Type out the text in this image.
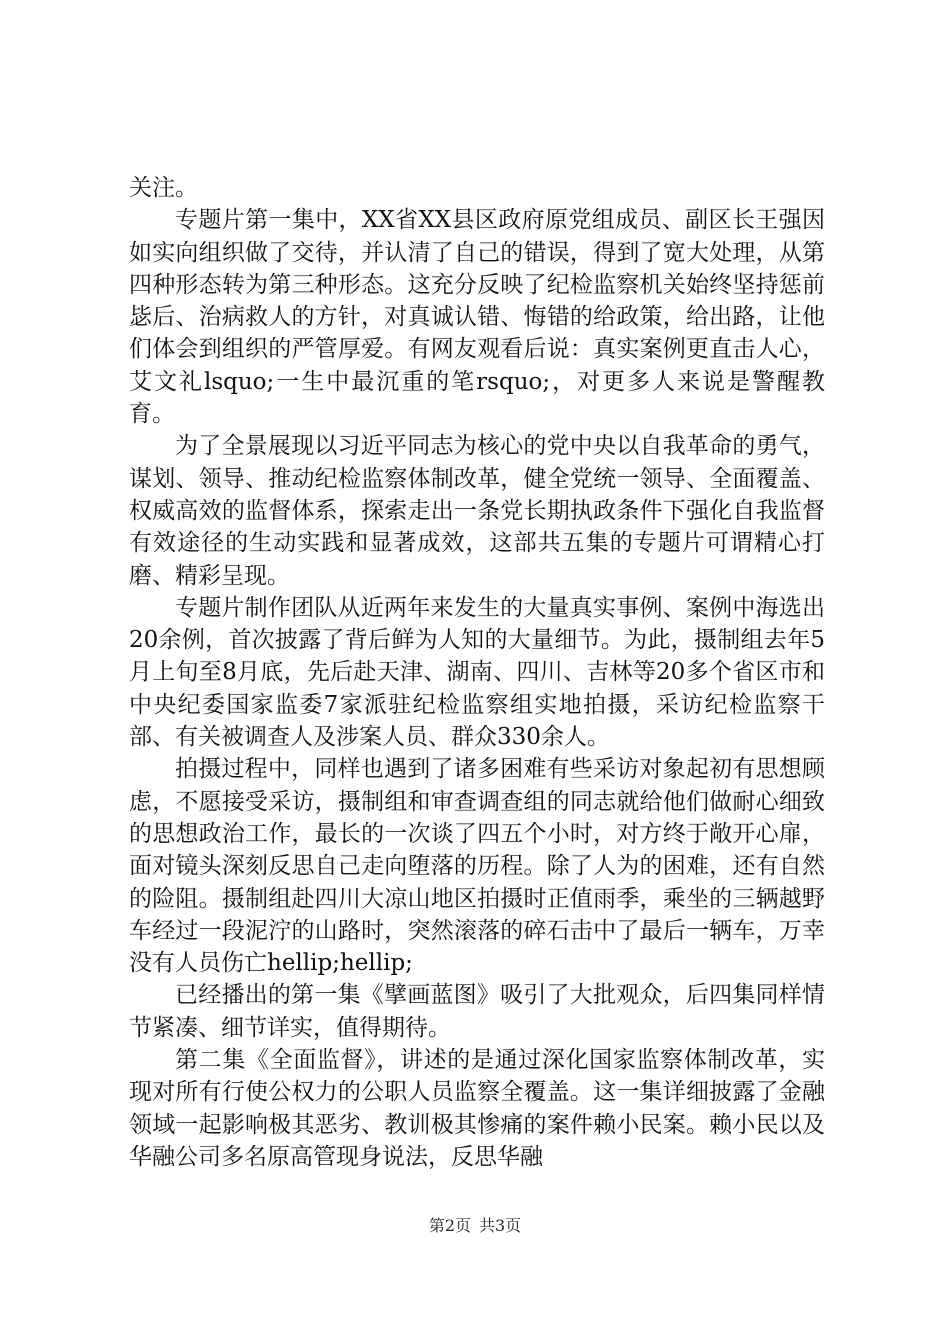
关注。

专题片第一集中，XX省XX县区政府原党组成员、副区长王强因如实向组织做了交待，并认清了自己的错误，得到了宽大处理，从第四种形态转为第三种形态。这充分反映了纪检监察机关始终坚持惩前毖后、治病救人的方针，对真诚认错、悔错的给政策，给出路，让他们体会到组织的严管厚爱。有网友观看后说：真实案例更直击人心，艾文礼lsquo;一生中最沉重的笔rsquo;，对更多人来说是警醒教育。

为了全景展现以习近平同志为核心的党中央以自我革命的勇气，谋划、领导、推动纪检监察体制改革，健全党统一领导、全面覆盖、权威高效的监督体系，探索走出一条党长期执政条件下强化自我监督有效途径的生动实践和显著成效，这部共五集的专题片可谓精心打磨、精彩呈现。

专题片制作团队从近两年来发生的大量真实事例、案例中海选出20余例，首次披露了背后鲜为人知的大量细节。为此，摄制组去年5月上旬至8月底，先后赴天津、湖南、四川、吉林等20多个省区市和中央纪委国家监委7家派驻纪检监察组实地拍摄，采访纪检监察干部、有关被调查人及涉案人员、群众330余人。

拍摄过程中，同样也遇到了诸多困难有些采访对象起初有思想顾虑，不愿接受采访，摄制组和审查调查组的同志就给他们做耐心细致的思想政治工作，最长的一次谈了四五个小时，对方终于敞开心扉，面对镜头深刻反思自己走向堕落的历程。除了人为的困难，还有自然的险阻。摄制组赴四川大凉山地区拍摄时正值雨季，乘坐的三辆越野车经过一段泥泞的山路时，突然滚落的碎石击中了最后一辆车，万幸没有人员伤亡hellip;hellip;

已经播出的第一集《擘画蓝图》吸引了大批观众，后四集同样情节紧凑、细节详实，值得期待。

第二集《全面监督》，讲述的是通过深化国家监察体制改革，实现对所有行使公权力的公职人员监察全覆盖。这一集详细披露了金融领域一起影响极其恶劣、教训极其惨痛的案件赖小民案。赖小民以及华融公司多名原高管现身说法，反思华融

第2页 共3页
